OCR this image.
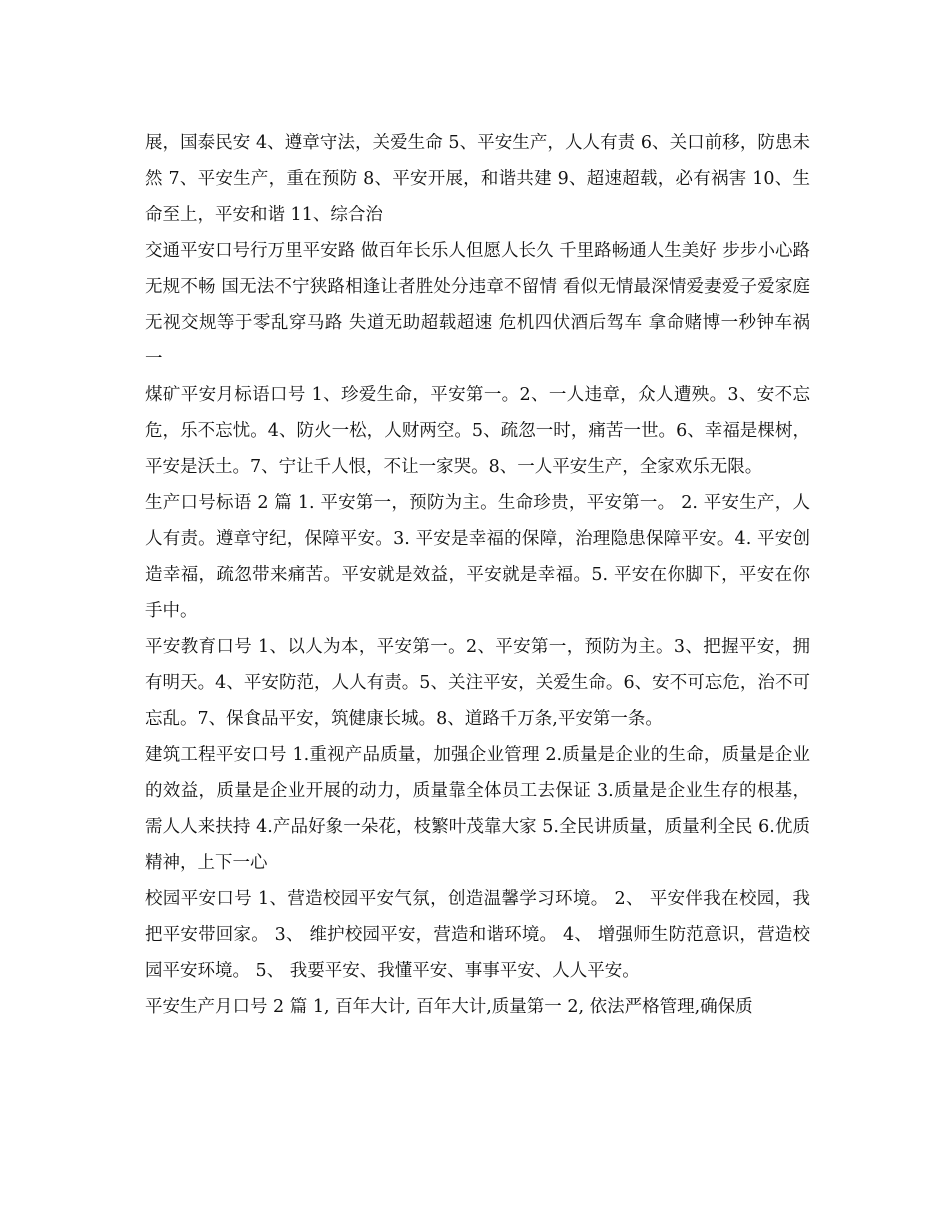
展，国泰民安 4、遵章守法，关爱生命 5、平安生产，人人有责 6、关口前移，防患未然 7、平安生产，重在预防 8、平安开展，和谐共建 9、超速超载，必有祸害 10、生命至上，平安和谐 11、综合治

交通平安口号行万里平安路 做百年长乐人但愿人长久 千里路畅通人生美好 步步小心路无规不畅 国无法不宁狭路相逢让者胜处分违章不留情 看似无情最深情爱妻爱子爱家庭 无视交规等于零乱穿马路 失道无助超载超速 危机四伏酒后驾车 拿命赌博一秒钟车祸 一

煤矿平安月标语口号 1、珍爱生命，平安第一。2、一人违章，众人遭殃。3、安不忘危，乐不忘忧。4、防火一松，人财两空。5、疏忽一时，痛苦一世。6、幸福是棵树，平安是沃土。7、宁让千人恨，不让一家哭。8、一人平安生产，全家欢乐无限。

生产口号标语 2 篇 1. 平安第一，预防为主。生命珍贵，平安第一。 2. 平安生产，人人有责。遵章守纪，保障平安。3. 平安是幸福的保障，治理隐患保障平安。4. 平安创造幸福，疏忽带来痛苦。平安就是效益，平安就是幸福。5. 平安在你脚下，平安在你手中。

平安教育口号 1、以人为本，平安第一。2、平安第一，预防为主。3、把握平安，拥有明天。4、平安防范，人人有责。5、关注平安，关爱生命。6、安不可忘危，治不可忘乱。7、保食品平安，筑健康长城。8、道路千万条,平安第一条。

建筑工程平安口号 1.重视产品质量，加强企业管理 2.质量是企业的生命，质量是企业的效益，质量是企业开展的动力，质量靠全体员工去保证 3.质量是企业生存的根基，需人人来扶持 4.产品好象一朵花，枝繁叶茂靠大家 5.全民讲质量，质量利全民 6.优质精神，上下一心

校园平安口号 1、营造校园平安气氛，创造温馨学习环境。 2、 平安伴我在校园，我把平安带回家。 3、 维护校园平安，营造和谐环境。 4、 增强师生防范意识，营造校园平安环境。 5、 我要平安、我懂平安、事事平安、人人平安。

平安生产月口号 2 篇 1, 百年大计, 百年大计,质量第一 2, 依法严格管理,确保质
